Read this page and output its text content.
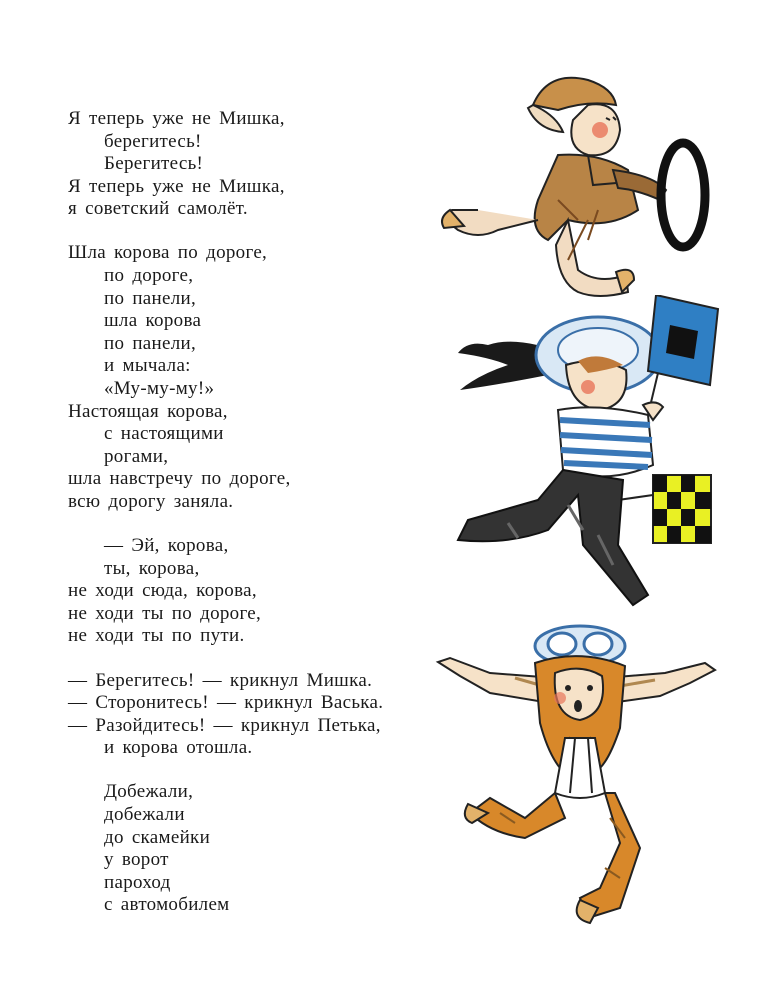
Я теперь уже не Мишка,
берегитесь!
Берегитесь!
Я теперь уже не Мишка,
я советский самолёт.
Шла корова по дороге,
по дороге,
по панели,
шла корова
по панели,
и мычала:
«Му-му-му!»
Настоящая корова,
с настоящими
рогами,
шла навстречу по дороге,
всю дорогу заняла.
— Эй, корова,
ты, корова,
не ходи сюда, корова,
не ходи ты по дороге,
не ходи ты по пути.
— Берегитесь! — крикнул Мишка.
— Сторонитесь! — крикнул Васька.
— Разойдитесь! — крикнул Петька,
и корова отошла.
Добежали,
добежали
до скамейки
у ворот
пароход
с автомобилем
